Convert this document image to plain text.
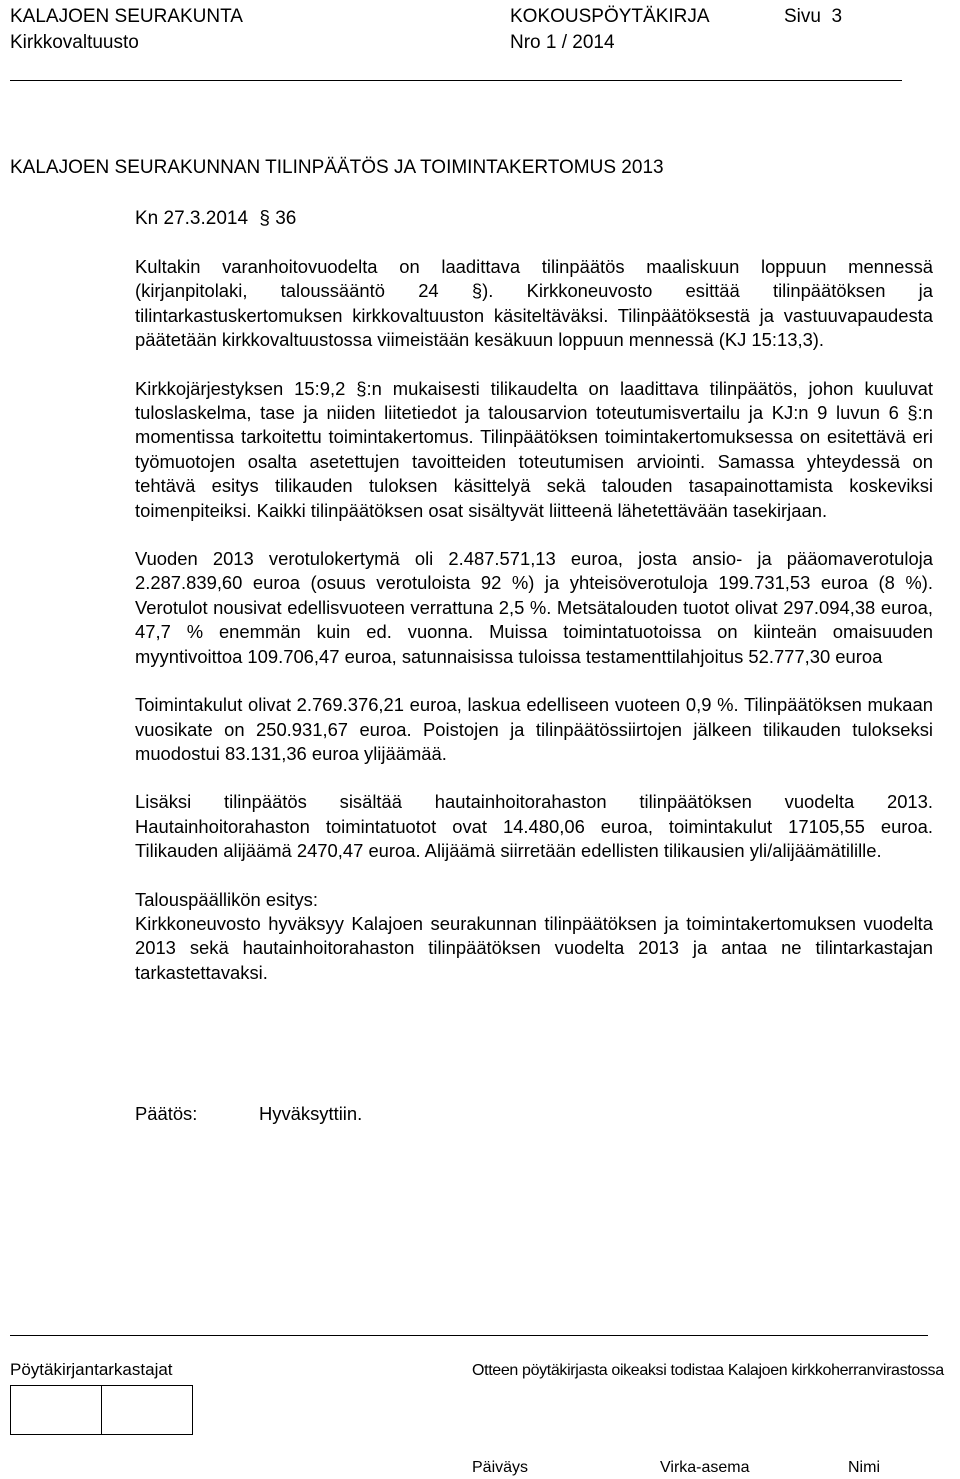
KALAJOEN SEURAKUNTA	KOKOUSPÖYTÄKIRJA	Sivu  3
Kirkkovaltuusto	Nro 1 / 2014
KALAJOEN SEURAKUNNAN TILINPÄÄTÖS JA TOIMINTAKERTOMUS 2013
Kn 27.3.2014 § 36

Kultakin varanhoitovuodelta on laadittava tilinpäätös maaliskuun loppuun mennessä (kirjanpitolaki, taloussääntö 24 §). Kirkkoneuvosto esittää tilinpäätöksen ja tilintarkastuskertomuksen kirkkovaltuuston käsiteltäväksi. Tilinpäätöksestä ja vastuuvapaudesta päätetään kirkkovaltuustossa viimeistään kesäkuun loppuun mennessä (KJ 15:13,3).

Kirkkojärjestyksen 15:9,2 §:n mukaisesti tilikaudelta on laadittava tilinpäätös, johon kuuluvat tuloslaskelma, tase ja niiden liitetiedot ja talousarvion toteutumisvertailu ja KJ:n 9 luvun 6 §:n momentissa tarkoitettu toimintakertomus. Tilinpäätöksen toimintakertomuksessa on esitettävä eri työmuotojen osalta asetettujen tavoitteiden toteutumisen arviointi. Samassa yhteydessä on tehtävä esitys tilikauden tuloksen käsittelyä sekä talouden tasapainottamista koskeviksi toimenpiteiksi. Kaikki tilinpäätöksen osat sisältyvät liitteenä lähetettävään tasekirjaan.

Vuoden 2013 verotulokertymä oli 2.487.571,13 euroa, josta ansio- ja pääomaverotuloja 2.287.839,60 euroa (osuus verotuloista 92 %) ja yhteisöverotuloja 199.731,53 euroa (8 %). Verotulot nousivat edellisvuoteen verrattuna 2,5 %. Metsätalouden tuotot olivat 297.094,38 euroa, 47,7 % enemmän kuin ed. vuonna. Muissa toimintatuotoissa on kiinteän omaisuuden myyntivoittoa 109.706,47 euroa, satunnaisissa tuloissa testamenttilahjoitus 52.777,30 euroa

Toimintakulut olivat 2.769.376,21 euroa, laskua edelliseen vuoteen 0,9 %. Tilinpäätöksen mukaan vuosikate on 250.931,67 euroa. Poistojen ja tilinpäätössiirtojen jälkeen tilikauden tulokseksi muodostui 83.131,36 euroa ylijäämää.

Lisäksi tilinpäätös sisältää hautainhoitorahaston tilinpäätöksen vuodelta 2013. Hautainhoitorahaston toimintatuotot ovat 14.480,06 euroa, toimintakulut 17105,55 euroa. Tilikauden alijäämä 2470,47 euroa. Alijäämä siirretään edellisten tilikausien yli/alijäämätilille.

Talouspäällikön esitys:
Kirkkoneuvosto hyväksyy Kalajoen seurakunnan tilinpäätöksen ja toimintakertomuksen vuodelta 2013 sekä hautainhoitorahaston tilinpäätöksen vuodelta 2013 ja antaa ne tilintarkastajan tarkastettavaksi.

Päätös:	Hyväksyttiin.
Pöytäkirjantarkastajat	Otteen pöytäkirjasta oikeaksi todistaa Kalajoen kirkkoherranvirastossa
Päiväys	Virka-asema	Nimi
